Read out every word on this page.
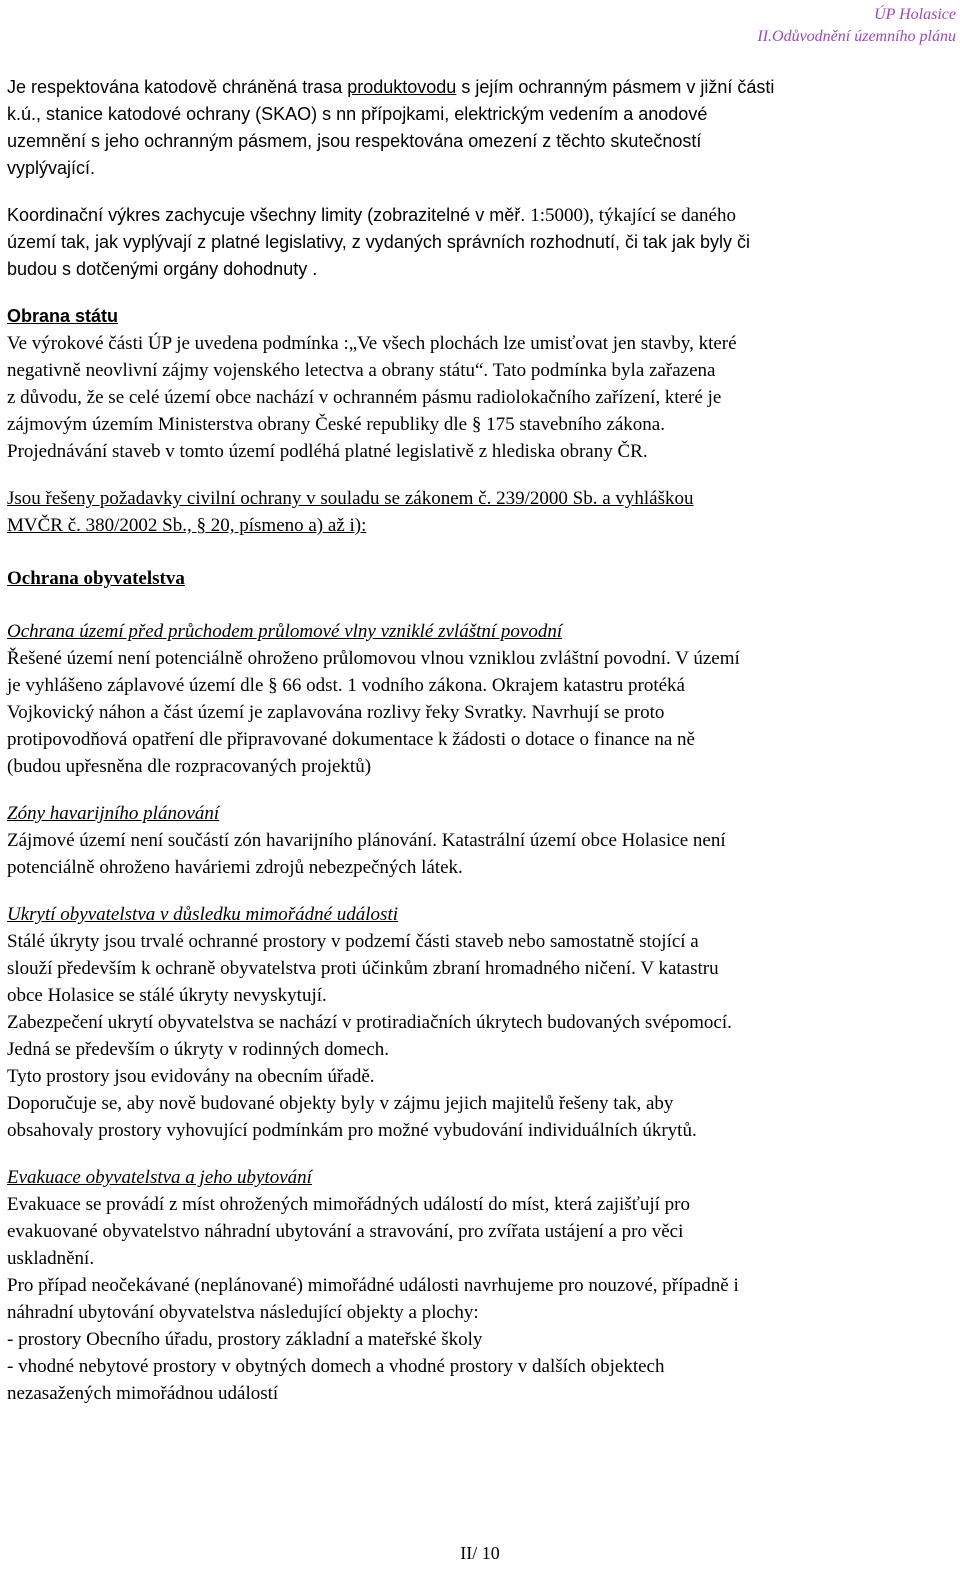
ÚP Holasice
II.Odůvodnění územního plánu
Je respektována katodově chráněná trasa produktovodu s jejím ochranným pásmem v jižní části
k.ú., stanice katodové ochrany (SKAO) s nn přípojkami, elektrickým vedením a anodové
uzemnění s jeho ochranným pásmem, jsou respektována omezení z těchto skutečností
vyplývající.
Koordinační výkres zachycuje všechny limity (zobrazitelné v měř. 1:5000), týkající se daného
území tak, jak vyplývají z platné legislativy, z vydaných správních rozhodnutí, či tak jak byly či
budou s dotčenými orgány dohodnuty .
Obrana státu
Ve výrokové části ÚP je uvedena podmínka :„Ve všech plochách lze umisťovat jen stavby, které
negativně neovlivní zájmy vojenského letectva a obrany státu“. Tato podmínka byla zařazena
z důvodu, že se celé území obce nachází v ochranném pásmu radiolokačního zařízení, které je
zájmovým územím Ministerstva obrany České republiky dle § 175 stavebního zákona.
Projednávání staveb v tomto území podléhá platné legislativě z hlediska obrany ČR.
Jsou řešeny požadavky civilní ochrany v souladu se zákonem č. 239/2000 Sb. a vyhláškou
MVČR č. 380/2002 Sb., § 20, písmeno a) až i):
Ochrana obyvatelstva
Ochrana území před průchodem průlomové vlny vzniklé zvláštní povodní
Řešené území není potenciálně ohroženo průlomovou vlnou vzniklou zvláštní povodní. V území
je vyhlášeno záplavové území dle § 66 odst. 1 vodního zákona. Okrajem katastru protéká
Vojkovický náhon a část území je zaplavována rozlivy řeky Svratky. Navrhují se proto
protipovodňová opatření dle připravované dokumentace k žádosti o dotace o finance na ně
(budou upřesněna dle rozpracovaných projektů)
Zóny havarijního plánování
Zájmové území není součástí zón havarijního plánování. Katastrální území obce Holasice není
potenciálně ohroženo haváriemi zdrojů nebezpečných látek.
Ukrytí obyvatelstva v důsledku mimořádné události
Stálé úkryty jsou trvalé ochranné prostory v podzemí části staveb nebo samostatně stojící a
slouží především k ochraně obyvatelstva proti účinkům zbraní hromadného ničení. V katastru
obce Holasice se stálé úkryty nevyskytují.
Zabezpečení ukrytí obyvatelstva se nachází v protiradiačních úkrytech budovaných svépomocí.
Jedná se především o úkryty v rodinných domech.
Tyto prostory jsou evidovány na obecním úřadě.
Doporučuje se, aby nově budované objekty byly v zájmu jejich majitelů řešeny tak, aby
obsahovaly prostory vyhovující podmínkám pro možné vybudování individuálních úkrytů.
Evakuace obyvatelstva a jeho ubytování
Evakuace se provádí z míst ohrožených mimořádných událostí do míst, která zajišťují pro
evakuované obyvatelstvo náhradní ubytování a stravování, pro zvířata ustájení a pro věci
uskladnění.
Pro případ neočekávané (neplánované) mimořádné události navrhujeme pro nouzové, případně i
náhradní ubytování obyvatelstva následující objekty a plochy:
- prostory Obecního úřadu, prostory základní a mateřské školy
- vhodné nebytové prostory v obytných domech a vhodné prostory v dalších objektech
nezasažených mimořádnou událostí
II/ 10
